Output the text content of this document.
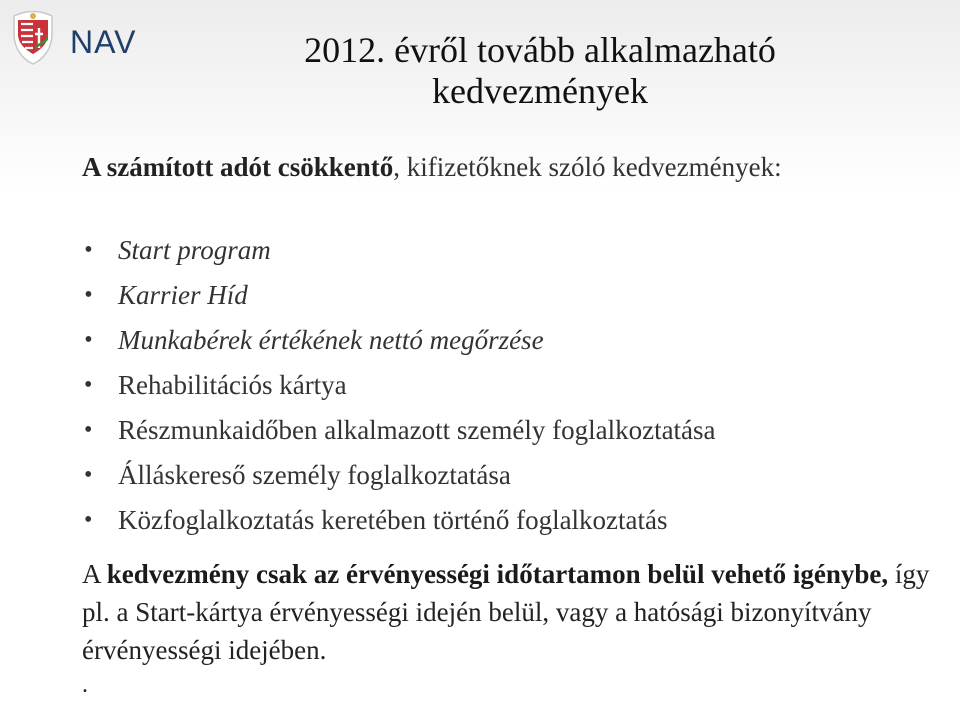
NAV	2012. évről tovább alkalmazható
kedvezmények
A számított adót csökkentő, kifizetőknek szóló kedvezmények:
• Start program
• Karrier Híd
• Munkabérek értékének nettó megőrzése
• Rehabilitációs kártya
• Részmunkaidőben alkalmazott személy foglalkoztatása
• Álláskereső személy foglalkoztatása
• Közfoglalkoztatás keretében történő foglalkoztatás
A kedvezmény csak az érvényességi időtartamon belül vehető igénybe, így pl. a Start-kártya érvényességi idején belül, vagy a hatósági bizonyítvány érvényességi idejében.
.
